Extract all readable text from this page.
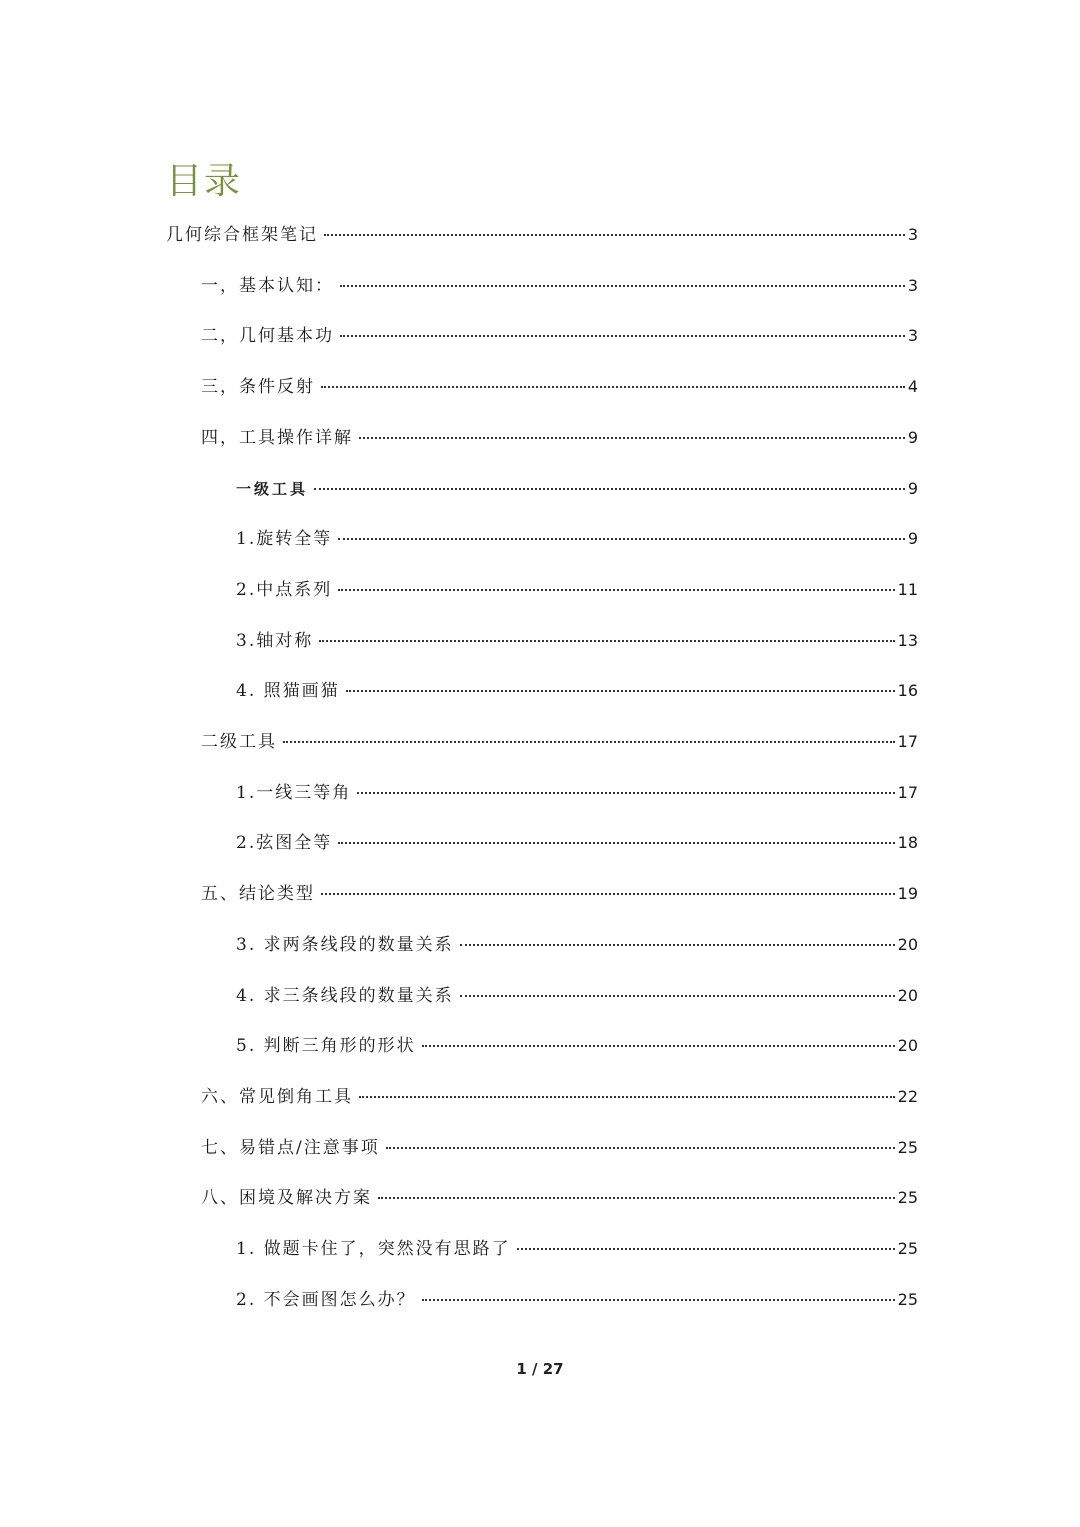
目录
几何综合框架笔记	3
一，基本认知：	3
二，几何基本功	3
三，条件反射	4
四，工具操作详解	9
一级工具	9
1.旋转全等	9
2.中点系列	11
3.轴对称	13
4. 照猫画猫	16
二级工具	17
1.一线三等角	17
2.弦图全等	18
五、结论类型	19
3. 求两条线段的数量关系	20
4. 求三条线段的数量关系	20
5. 判断三角形的形状	20
六、常见倒角工具	22
七、易错点/注意事项	25
八、困境及解决方案	25
1. 做题卡住了，突然没有思路了	25
2. 不会画图怎么办？	25
1 / 27
